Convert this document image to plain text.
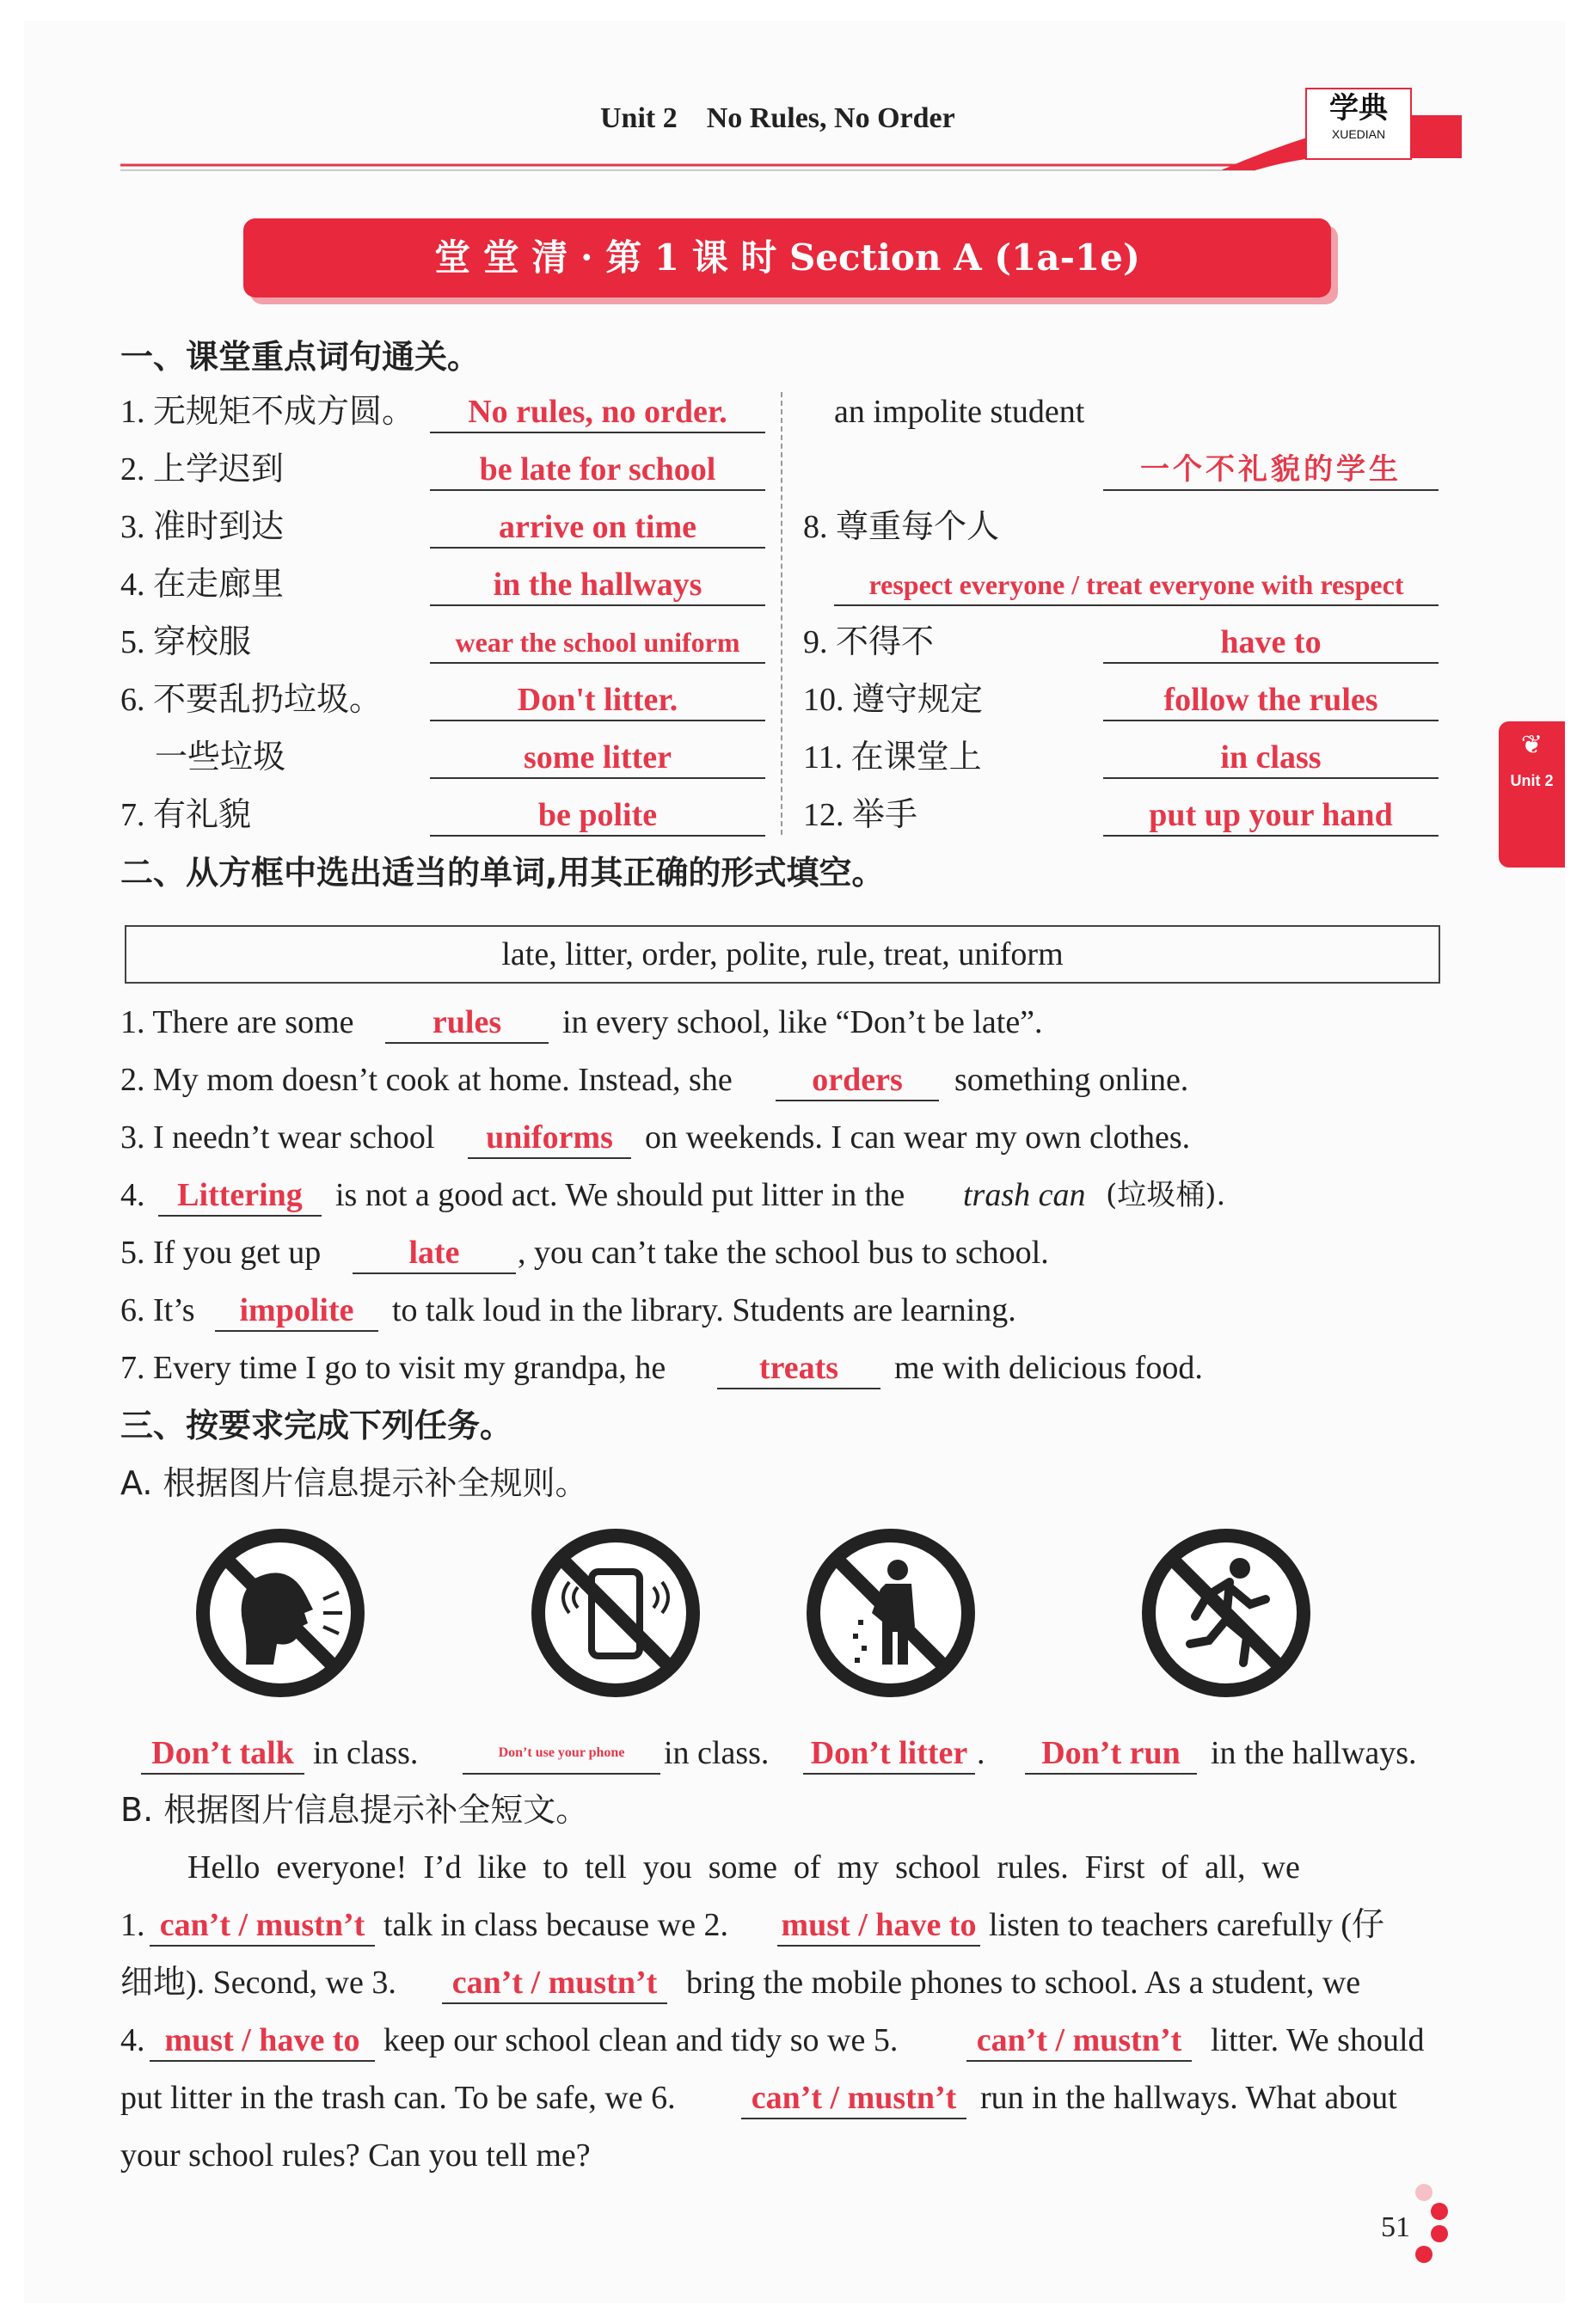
Unit 2    No Rules, No Order	学典
XUEDIAN
堂 堂 清 · 第 1 课 时 Section A (1a-1e)
❦
Unit 2
一、课堂重点词句通关。
1. 无规矩不成方圆。	No rules, no order.
2. 上学迟到	be late for school
3. 准时到达	arrive on time
4. 在走廊里	in the hallways
5. 穿校服	wear the school uniform
6. 不要乱扔垃圾。	Don't litter.
一些垃圾	some litter
7. 有礼貌	be polite
an impolite student
一个不礼貌的学生
8. 尊重每个人
respect everyone / treat everyone with respect
9. 不得不	have to
10. 遵守规定	follow the rules
11. 在课堂上	in class
12. 举手	put up your hand
二、从方框中选出适当的单词,用其正确的形式填空。
late, litter, order, polite, rule, treat, uniform
1. There are some	rules	in every school, like “Don’t be late”.
2. My mom doesn’t cook at home. Instead, she	orders	something online.
3. I needn’t wear school	uniforms on weekends. I can wear my own clothes.
4. Littering	is not a good act. We should put litter in the trash can (垃圾桶).
5. If you get up	late	, you can’t take the school bus to school.
6. It’s	impolite	to talk loud in the library. Students are learning.
7. Every time I go to visit my grandpa, he	treats	me with delicious food.
三、按要求完成下列任务。
A. 根据图片信息提示补全规则。
Don’t talk in class.	Don’t use your phone	in class. Don’t litter .	Don’t run in the hallways.
B. 根据图片信息提示补全短文。
Hello  everyone!  I’d  like  to  tell  you  some  of  my  school  rules.  First  of  all,  we
1. can’t / mustn’t talk in class because we 2. must / have to listen to teachers carefully (仔
细地). Second, we 3.	can’t / mustn’t bring the mobile phones to school. As a student, we
4. must / have to keep our school clean and tidy so we 5.	can’t / mustn’t litter. We should
put litter in the trash can. To be safe, we 6.	can’t / mustn’t run in the hallways. What about
your school rules? Can you tell me?
51
